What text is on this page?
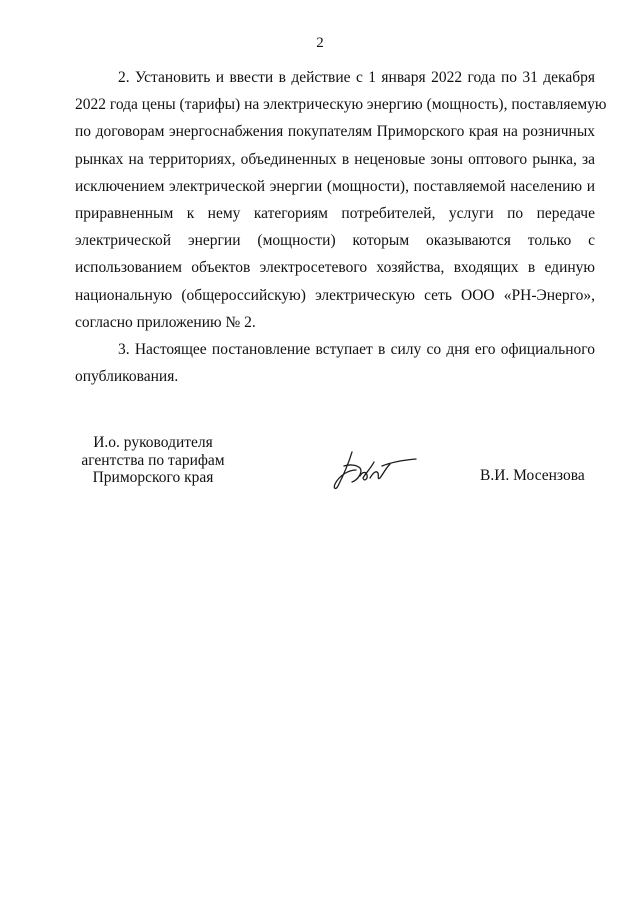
2

2. Установить и ввести в действие с 1 января 2022 года по 31 декабря
2022 года цены (тарифы) на электрическую энергию (мощность), поставляемую
по договорам энергоснабжения покупателям Приморского края на розничных
рынках на территориях, объединенных в неценовые зоны оптового рынка, за
исключением электрической энергии (мощности), поставляемой населению и
приравненным к нему категориям потребителей, услуги по передаче
электрической энергии (мощности) которым оказываются только с
использованием объектов электросетевого хозяйства, входящих в единую
национальную (общероссийскую) электрическую сеть ООО «РН-Энерго»,
согласно приложению № 2.

3. Настоящее постановление вступает в силу со дня его официального
опубликования.

И.о. руководителя
агентства по тарифам
Приморского края	В.И. Мосензова
